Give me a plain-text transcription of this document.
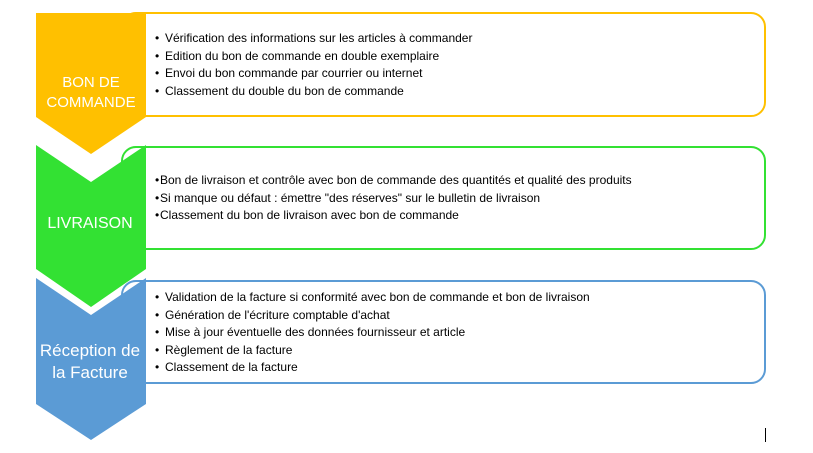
BON DE
COMMANDE
LIVRAISON
Réception de
la Facture
• Vérification des informations sur les articles à commander
• Edition du bon de commande en double exemplaire
• Envoi du bon commande par courrier ou internet
• Classement du double du bon de commande
•Bon de livraison et contrôle avec bon de commande des quantités et qualité des produits
•Si manque ou défaut : émettre "des réserves" sur le bulletin de livraison
•Classement du bon de livraison avec bon de commande
• Validation de la facture si conformité avec bon de commande et bon de livraison
• Génération de l'écriture comptable d'achat
• Mise à jour éventuelle des données fournisseur et article
• Règlement de la facture
• Classement de la facture
